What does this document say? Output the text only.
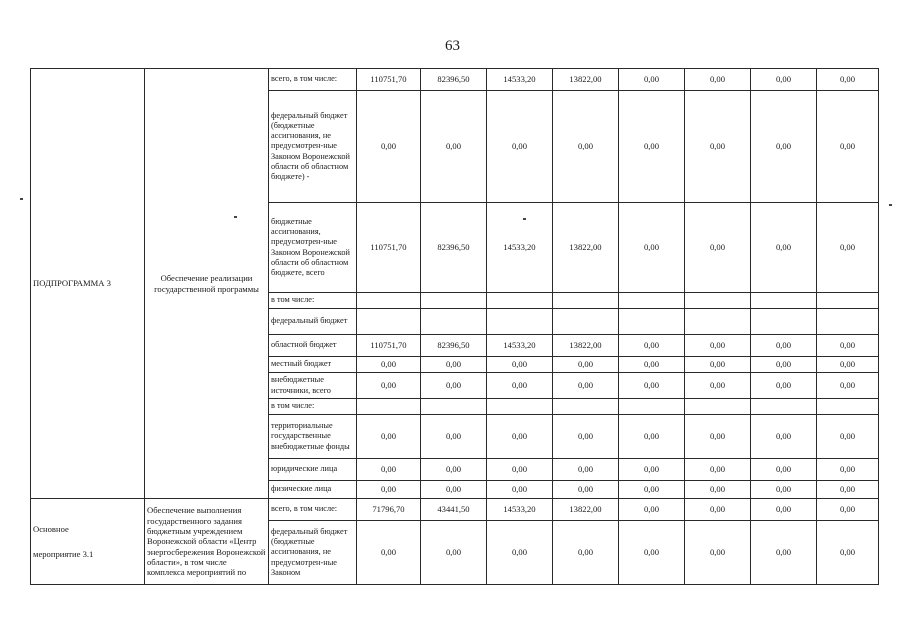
63
ПОДПРОГРАММА 3	Обеспечение реализации государственной программы	всего, в том числе:	110751,70	82396,50	14533,20	13822,00	0,00	0,00	0,00	0,00
		федеральный бюджет (бюджетные ассигнования, не предусмотрен-ные Законом Воронежской области об областном бюджете) -	0,00	0,00	0,00	0,00	0,00	0,00	0,00	0,00
		бюджетные ассигнования, предусмотрен-ные Законом Воронежской области об областном бюджете, всего	110751,70	82396,50	14533,20	13822,00	0,00	0,00	0,00	0,00
		в том числе:								
		федеральный бюджет								
		областной бюджет	110751,70	82396,50	14533,20	13822,00	0,00	0,00	0,00	0,00
		местный бюджет	0,00	0,00	0,00	0,00	0,00	0,00	0,00	0,00
		внебюджетные источники, всего	0,00	0,00	0,00	0,00	0,00	0,00	0,00	0,00
		в том числе:								
		территориальные государственные внебюджетные фонды	0,00	0,00	0,00	0,00	0,00	0,00	0,00	0,00
		юридические лица	0,00	0,00	0,00	0,00	0,00	0,00	0,00	0,00
		физические лица	0,00	0,00	0,00	0,00	0,00	0,00	0,00	0,00
Основное
мероприятие 3.1	Обеспечение выполнения государственного задания бюджетным учреждением Воронежской области «Центр энергосбережения Воронежской области», в том числе комплекса мероприятий по	всего, в том числе:	71796,70	43441,50	14533,20	13822,00	0,00	0,00	0,00	0,00
		федеральный бюджет (бюджетные ассигнования, не предусмотрен-ные Законом	0,00	0,00	0,00	0,00	0,00	0,00	0,00	0,00
